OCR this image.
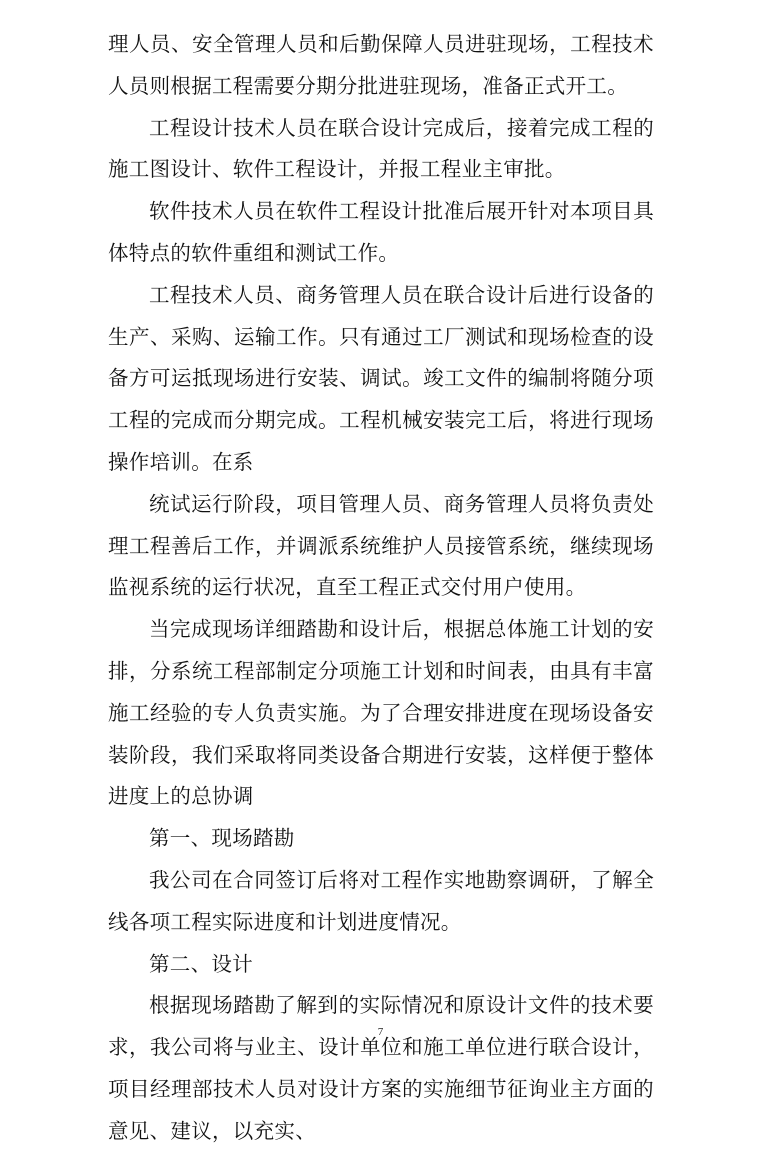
理人员、安全管理人员和后勤保障人员进驻现场，工程技术人员则根据工程需要分期分批进驻现场，准备正式开工。

工程设计技术人员在联合设计完成后，接着完成工程的施工图设计、软件工程设计，并报工程业主审批。

软件技术人员在软件工程设计批准后展开针对本项目具体特点的软件重组和测试工作。

工程技术人员、商务管理人员在联合设计后进行设备的生产、采购、运输工作。只有通过工厂测试和现场检查的设备方可运抵现场进行安装、调试。竣工文件的编制将随分项工程的完成而分期完成。工程机械安装完工后，将进行现场操作培训。在系

统试运行阶段，项目管理人员、商务管理人员将负责处理工程善后工作，并调派系统维护人员接管系统，继续现场监视系统的运行状况，直至工程正式交付用户使用。

当完成现场详细踏勘和设计后，根据总体施工计划的安排，分系统工程部制定分项施工计划和时间表，由具有丰富施工经验的专人负责实施。为了合理安排进度在现场设备安装阶段，我们采取将同类设备合期进行安装，这样便于整体进度上的总协调

第一、现场踏勘

我公司在合同签订后将对工程作实地勘察调研，了解全线各项工程实际进度和计划进度情况。

第二、设计

根据现场踏勘了解到的实际情况和原设计文件的技术要求，我公司将与业主、设计单位和施工单位进行联合设计，项目经理部技术人员对设计方案的实施细节征询业主方面的意见、建议，以充实、

7
